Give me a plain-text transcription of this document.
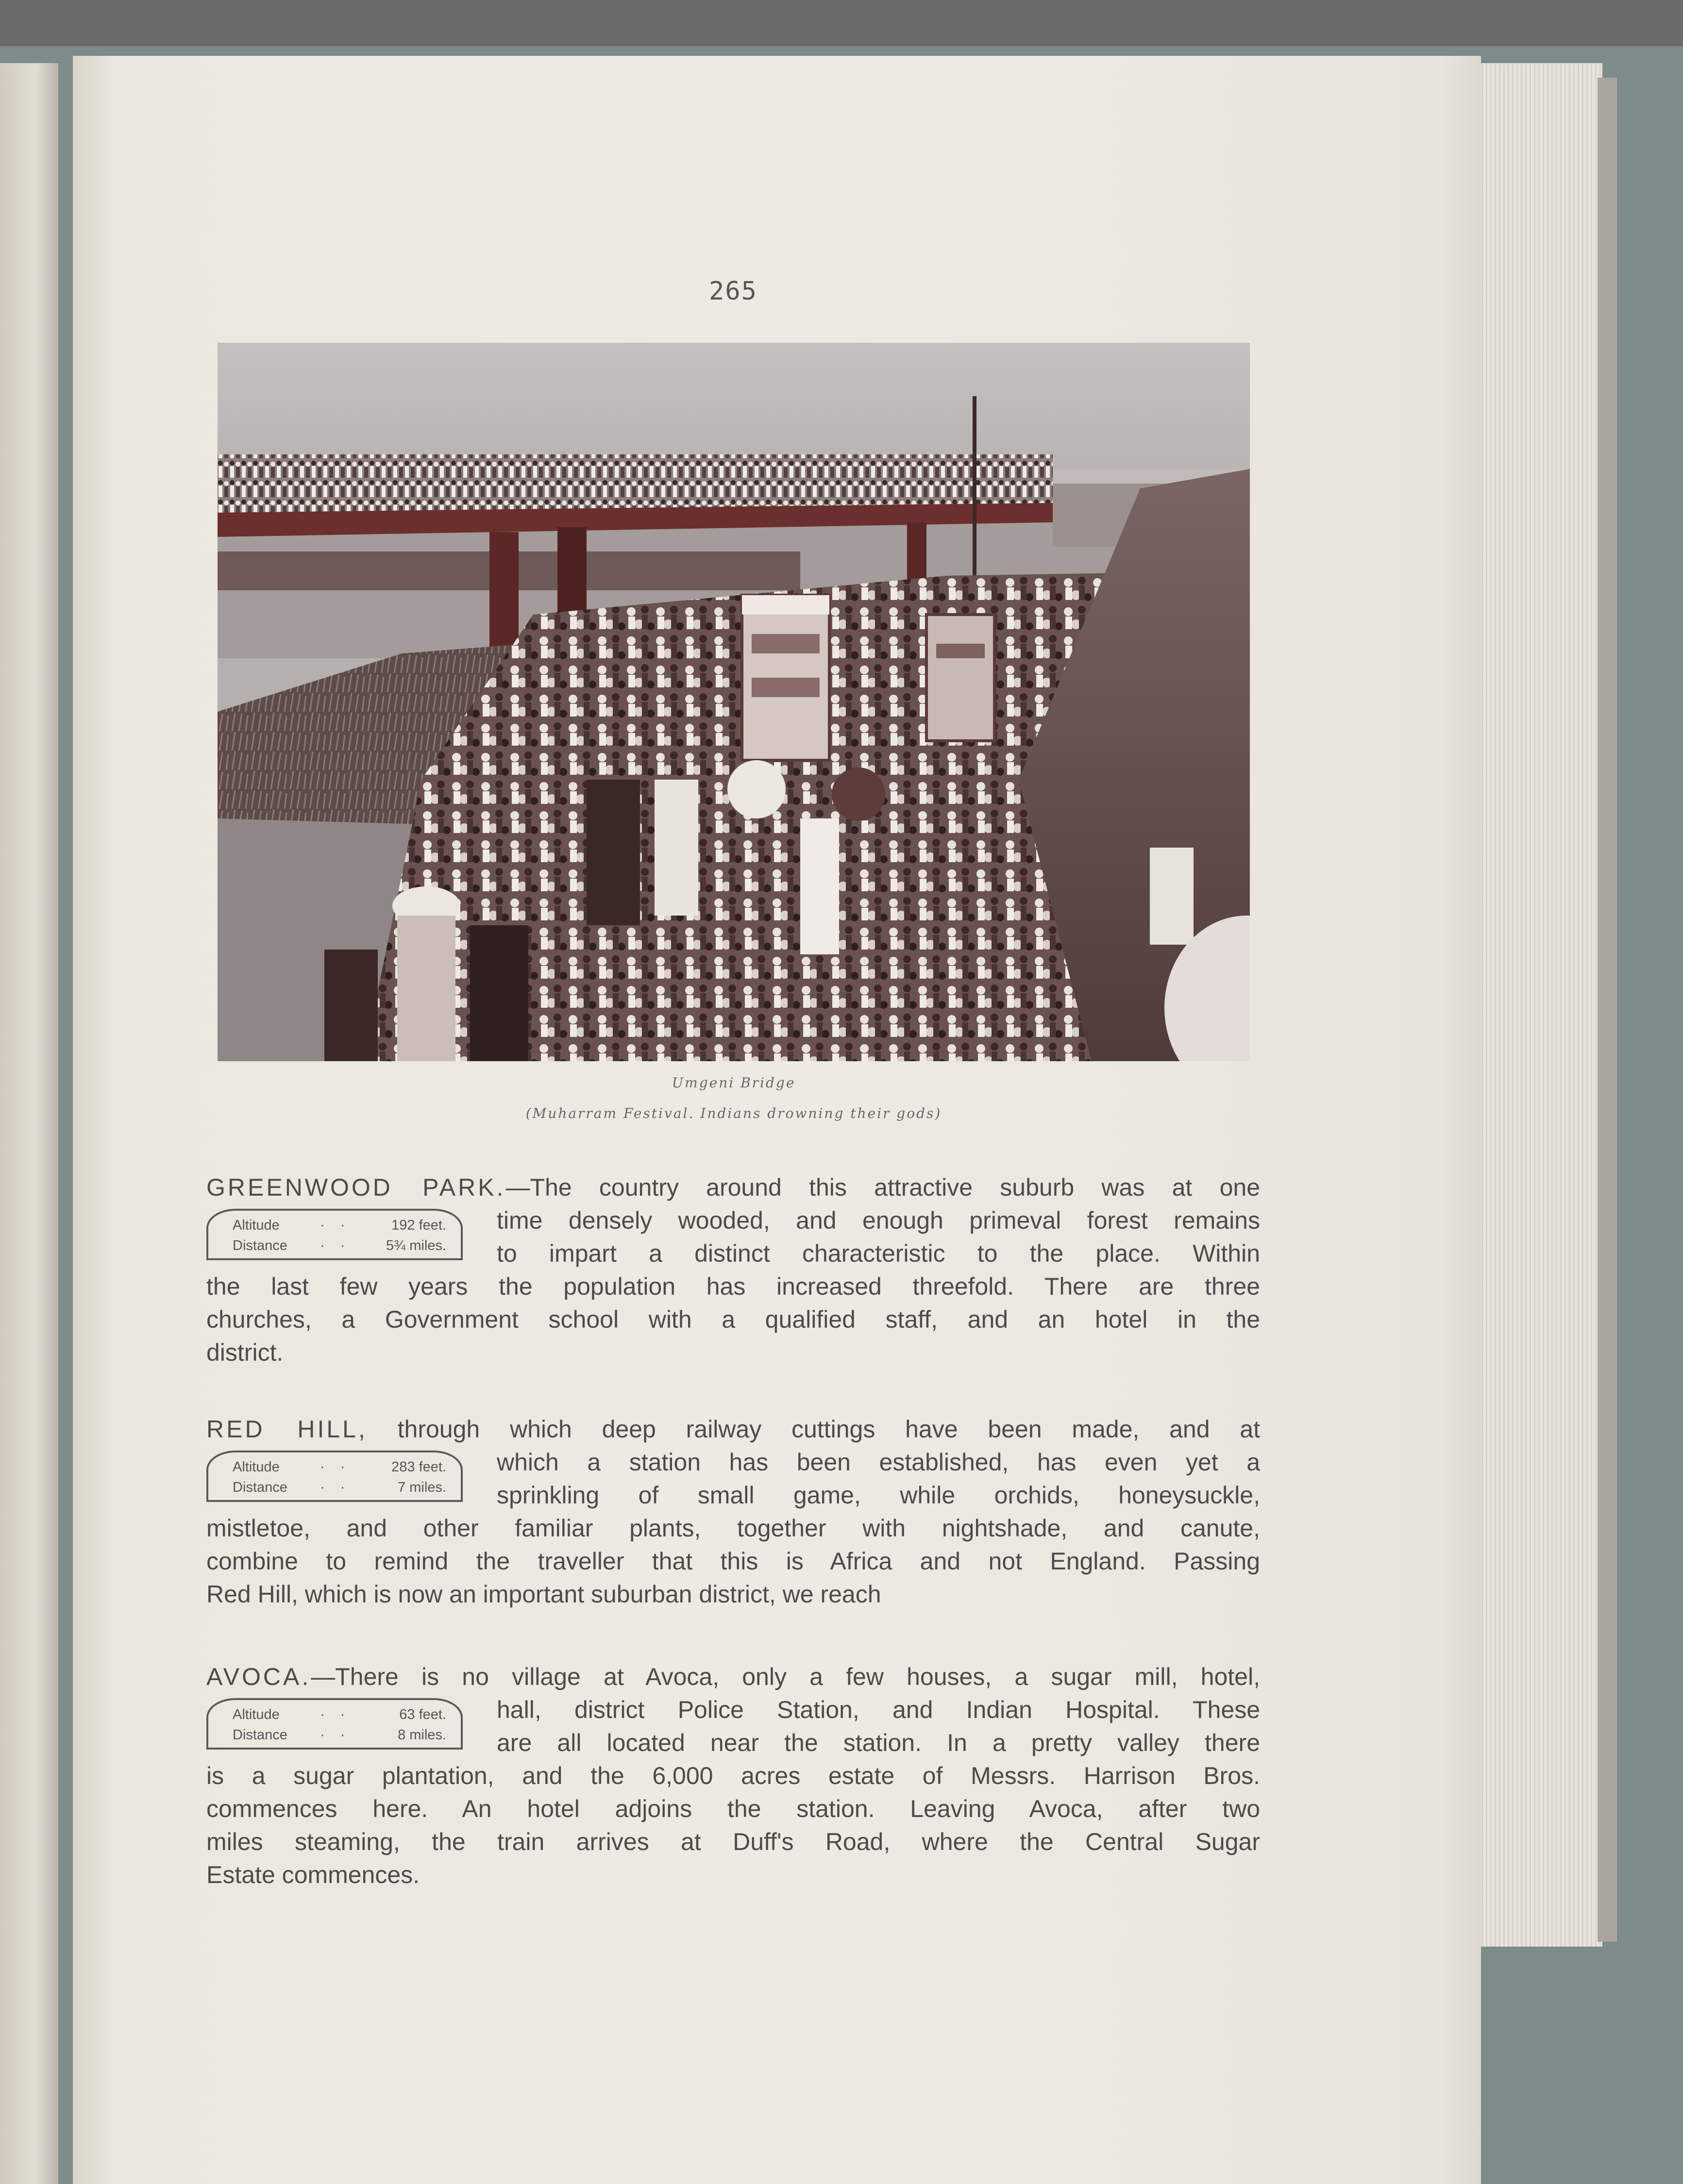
265
Umgeni Bridge
(Muharram Festival. Indians drowning their gods)
GREENWOOD PARK.—The country around this attractive suburb was at one
time densely wooded, and enough primeval forest remains
to impart a distinct characteristic to the place. Within
the last few years the population has increased threefold. There are three
churches, a Government school with a qualified staff, and an hotel in the
district.
Altitude	· ·	192 feet.
Distance · ·	5¾ miles.
RED HILL, through which deep railway cuttings have been made, and at
which a station has been established, has even yet a
sprinkling of small game, while orchids, honeysuckle,
mistletoe, and other familiar plants, together with nightshade, and canute,
combine to remind the traveller that this is Africa and not England. Passing
Red Hill, which is now an important suburban district, we reach
Altitude	· ·	283 feet.
Distance · ·	7 miles.
AVOCA.—There is no village at Avoca, only a few houses, a sugar mill, hotel,
hall, district Police Station, and Indian Hospital. These
are all located near the station. In a pretty valley there
is a sugar plantation, and the 6,000 acres estate of Messrs. Harrison Bros.
commences here. An hotel adjoins the station. Leaving Avoca, after two
miles steaming, the train arrives at Duff's Road, where the Central Sugar
Estate commences.
Altitude	· ·	63 feet.
Distance · ·	8 miles.
